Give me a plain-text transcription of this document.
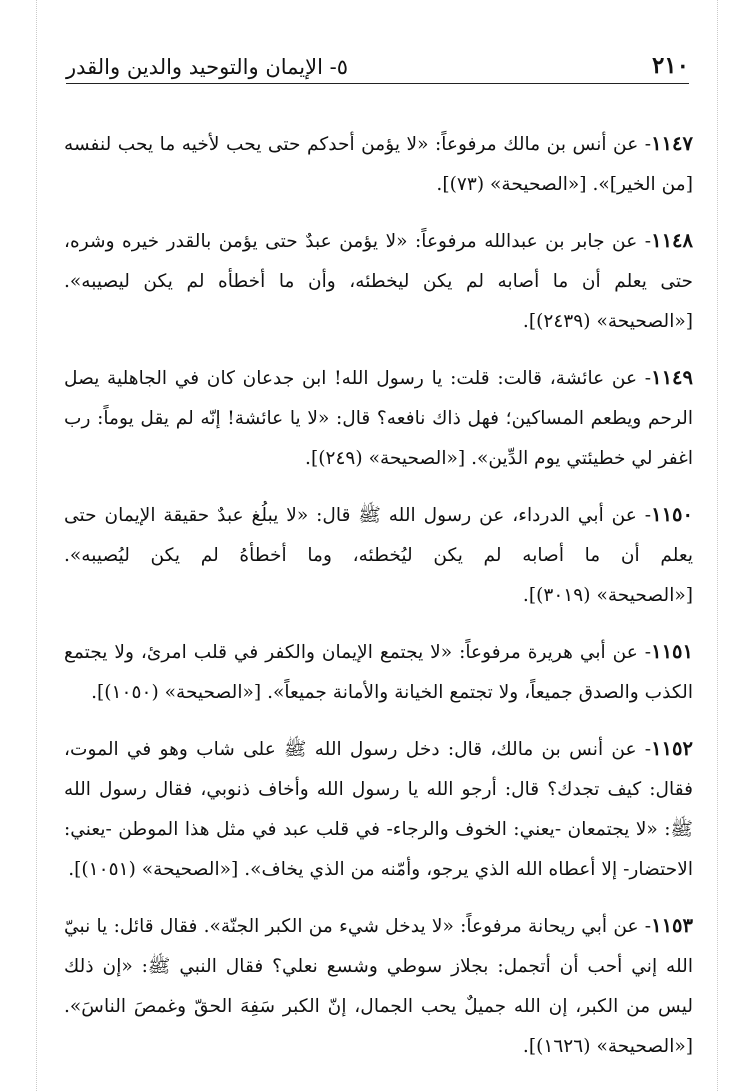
٢١٠
٥- الإيمان والتوحيد والدين والقدر

١١٤٧- عن أنس بن مالك مرفوعاً: «لا يؤمن أحدكم حتى يحب لأخيه ما يحب لنفسه [من الخير]». [«الصحيحة» (٧٣)].

١١٤٨- عن جابر بن عبدالله مرفوعاً: «لا يؤمن عبدٌ حتى يؤمن بالقدر خيره وشره، حتى يعلم أن ما أصابه لم يكن ليخطئه، وأن ما أخطأه لم يكن ليصيبه». [«الصحيحة» (٢٤٣٩)].

١١٤٩- عن عائشة، قالت: قلت: يا رسول الله! ابن جدعان كان في الجاهلية يصل الرحم ويطعم المساكين؛ فهل ذاك نافعه؟ قال: «لا يا عائشة! إنّه لم يقل يوماً: رب اغفر لي خطيئتي يوم الدِّين». [«الصحيحة» (٢٤٩)].

١١٥٠- عن أبي الدرداء، عن رسول الله ﷺ قال: «لا يبلُغ عبدٌ حقيقة الإيمان حتى يعلم أن ما أصابه لم يكن ليُخطئه، وما أخطأهُ لم يكن ليُصيبه». [«الصحيحة» (٣٠١٩)].

١١٥١- عن أبي هريرة مرفوعاً: «لا يجتمع الإيمان والكفر في قلب امرئ، ولا يجتمع الكذب والصدق جميعاً، ولا تجتمع الخيانة والأمانة جميعاً». [«الصحيحة» (١٠٥٠)].

١١٥٢- عن أنس بن مالك، قال: دخل رسول الله ﷺ على شاب وهو في الموت، فقال: كيف تجدك؟ قال: أرجو الله يا رسول الله وأخاف ذنوبي، فقال رسول الله ﷺ: «لا يجتمعان -يعني: الخوف والرجاء- في قلب عبد في مثل هذا الموطن -يعني: الاحتضار- إلا أعطاه الله الذي يرجو، وأمّنه من الذي يخاف». [«الصحيحة» (١٠٥١)].

١١٥٣- عن أبي ريحانة مرفوعاً: «لا يدخل شيء من الكبر الجنّة». فقال قائل: يا نبيّ الله إني أحب أن أتجمل: بجلاز سوطي وشسع نعلي؟ فقال النبي ﷺ: «إن ذلك ليس من الكبر، إن الله جميلٌ يحب الجمال، إنّ الكبر سَفِهَ الحقّ وغمصَ الناسَ». [«الصحيحة» (١٦٢٦)].
